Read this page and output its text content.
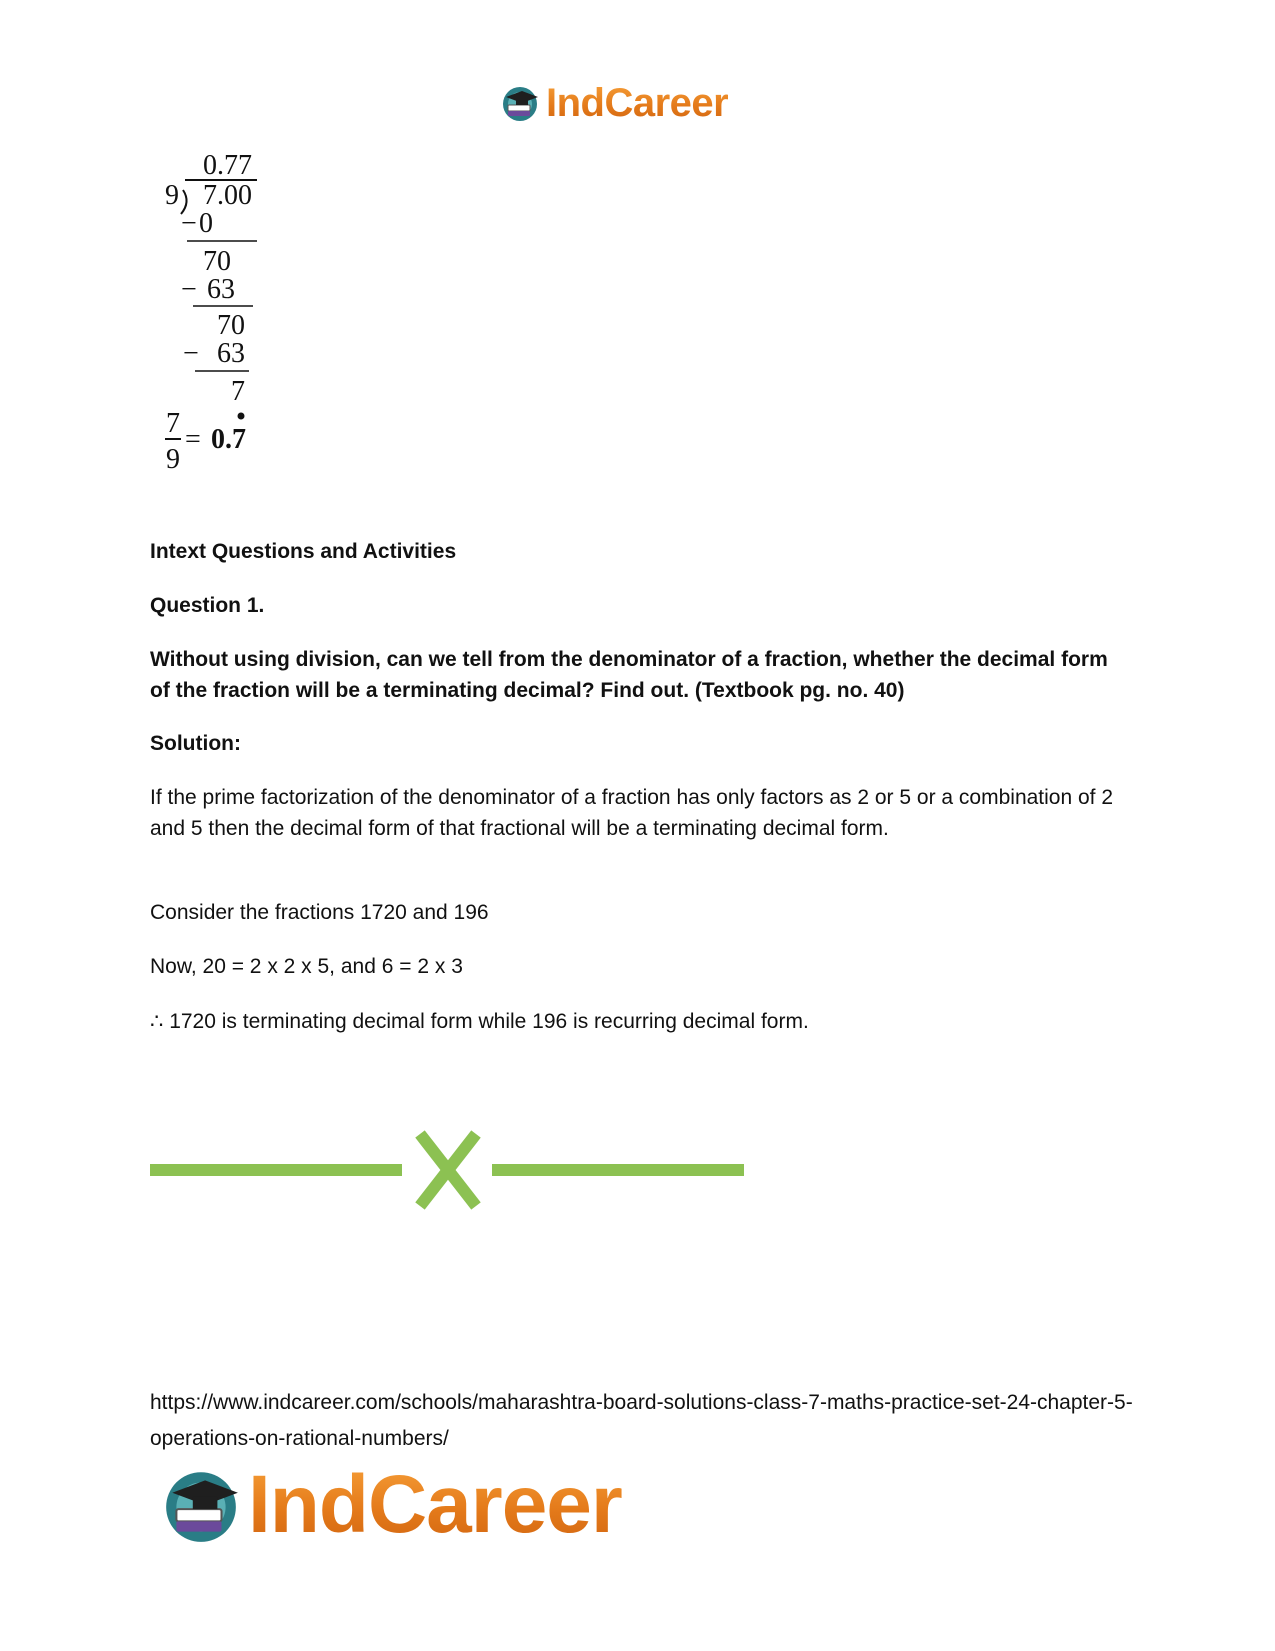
IndCareer
0.77
9 7.00
− 0
70
− 63
70
− 63
7
7
9
= 0.7
Intext Questions and Activities
Question 1.
Without using division, can we tell from the denominator of a fraction, whether the decimal form of the fraction will be a terminating decimal? Find out. (Textbook pg. no. 40)
Solution:
If the prime factorization of the denominator of a fraction has only factors as 2 or 5 or a combination of 2 and 5 then the decimal form of that fractional will be a terminating decimal form.
Consider the fractions 1720 and 196
Now, 20 = 2 x 2 x 5, and 6 = 2 x 3
∴ 1720 is terminating decimal form while 196 is recurring decimal form.
https://www.indcareer.com/schools/maharashtra-board-solutions-class-7-maths-practice-set-24-chapter-5-operations-on-rational-numbers/
IndCareer
